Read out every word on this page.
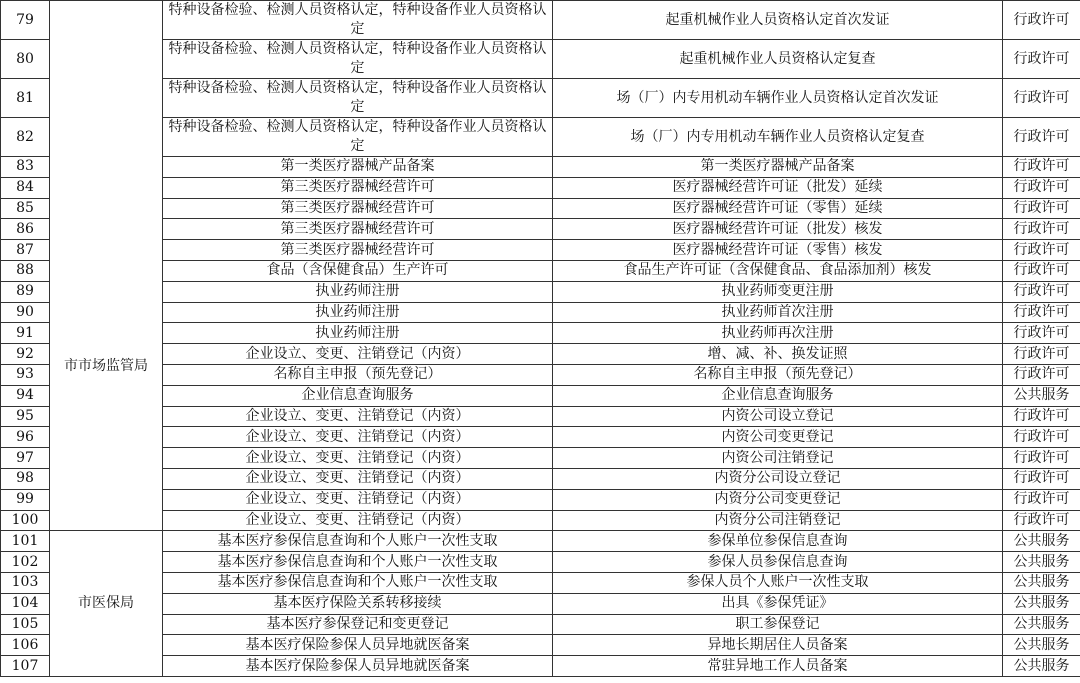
79	市市场监管局	特种设备检验、检测人员资格认定，特种设备作业人员资格认定	起重机械作业人员资格认定首次发证	行政许可
80		特种设备检验、检测人员资格认定，特种设备作业人员资格认定	起重机械作业人员资格认定复查	行政许可
81		特种设备检验、检测人员资格认定，特种设备作业人员资格认定	场（厂）内专用机动车辆作业人员资格认定首次发证	行政许可
82		特种设备检验、检测人员资格认定，特种设备作业人员资格认定	场（厂）内专用机动车辆作业人员资格认定复查	行政许可
83		第一类医疗器械产品备案	第一类医疗器械产品备案	行政许可
84		第三类医疗器械经营许可	医疗器械经营许可证（批发）延续	行政许可
85		第三类医疗器械经营许可	医疗器械经营许可证（零售）延续	行政许可
86		第三类医疗器械经营许可	医疗器械经营许可证（批发）核发	行政许可
87		第三类医疗器械经营许可	医疗器械经营许可证（零售）核发	行政许可
88		食品（含保健食品）生产许可	食品生产许可证（含保健食品、食品添加剂）核发	行政许可
89		执业药师注册	执业药师变更注册	行政许可
90		执业药师注册	执业药师首次注册	行政许可
91		执业药师注册	执业药师再次注册	行政许可
92		企业设立、变更、注销登记（内资）	增、减、补、换发证照	行政许可
93		名称自主申报（预先登记）	名称自主申报（预先登记）	行政许可
94		企业信息查询服务	企业信息查询服务	公共服务
95		企业设立、变更、注销登记（内资）	内资公司设立登记	行政许可
96		企业设立、变更、注销登记（内资）	内资公司变更登记	行政许可
97		企业设立、变更、注销登记（内资）	内资公司注销登记	行政许可
98		企业设立、变更、注销登记（内资）	内资分公司设立登记	行政许可
99		企业设立、变更、注销登记（内资）	内资分公司变更登记	行政许可
100		企业设立、变更、注销登记（内资）	内资分公司注销登记	行政许可
101	市医保局	基本医疗参保信息查询和个人账户一次性支取	参保单位参保信息查询	公共服务
102		基本医疗参保信息查询和个人账户一次性支取	参保人员参保信息查询	公共服务
103		基本医疗参保信息查询和个人账户一次性支取	参保人员个人账户一次性支取	公共服务
104		基本医疗保险关系转移接续	出具《参保凭证》	公共服务
105		基本医疗参保登记和变更登记	职工参保登记	公共服务
106		基本医疗保险参保人员异地就医备案	异地长期居住人员备案	公共服务
107		基本医疗保险参保人员异地就医备案	常驻异地工作人员备案	公共服务
